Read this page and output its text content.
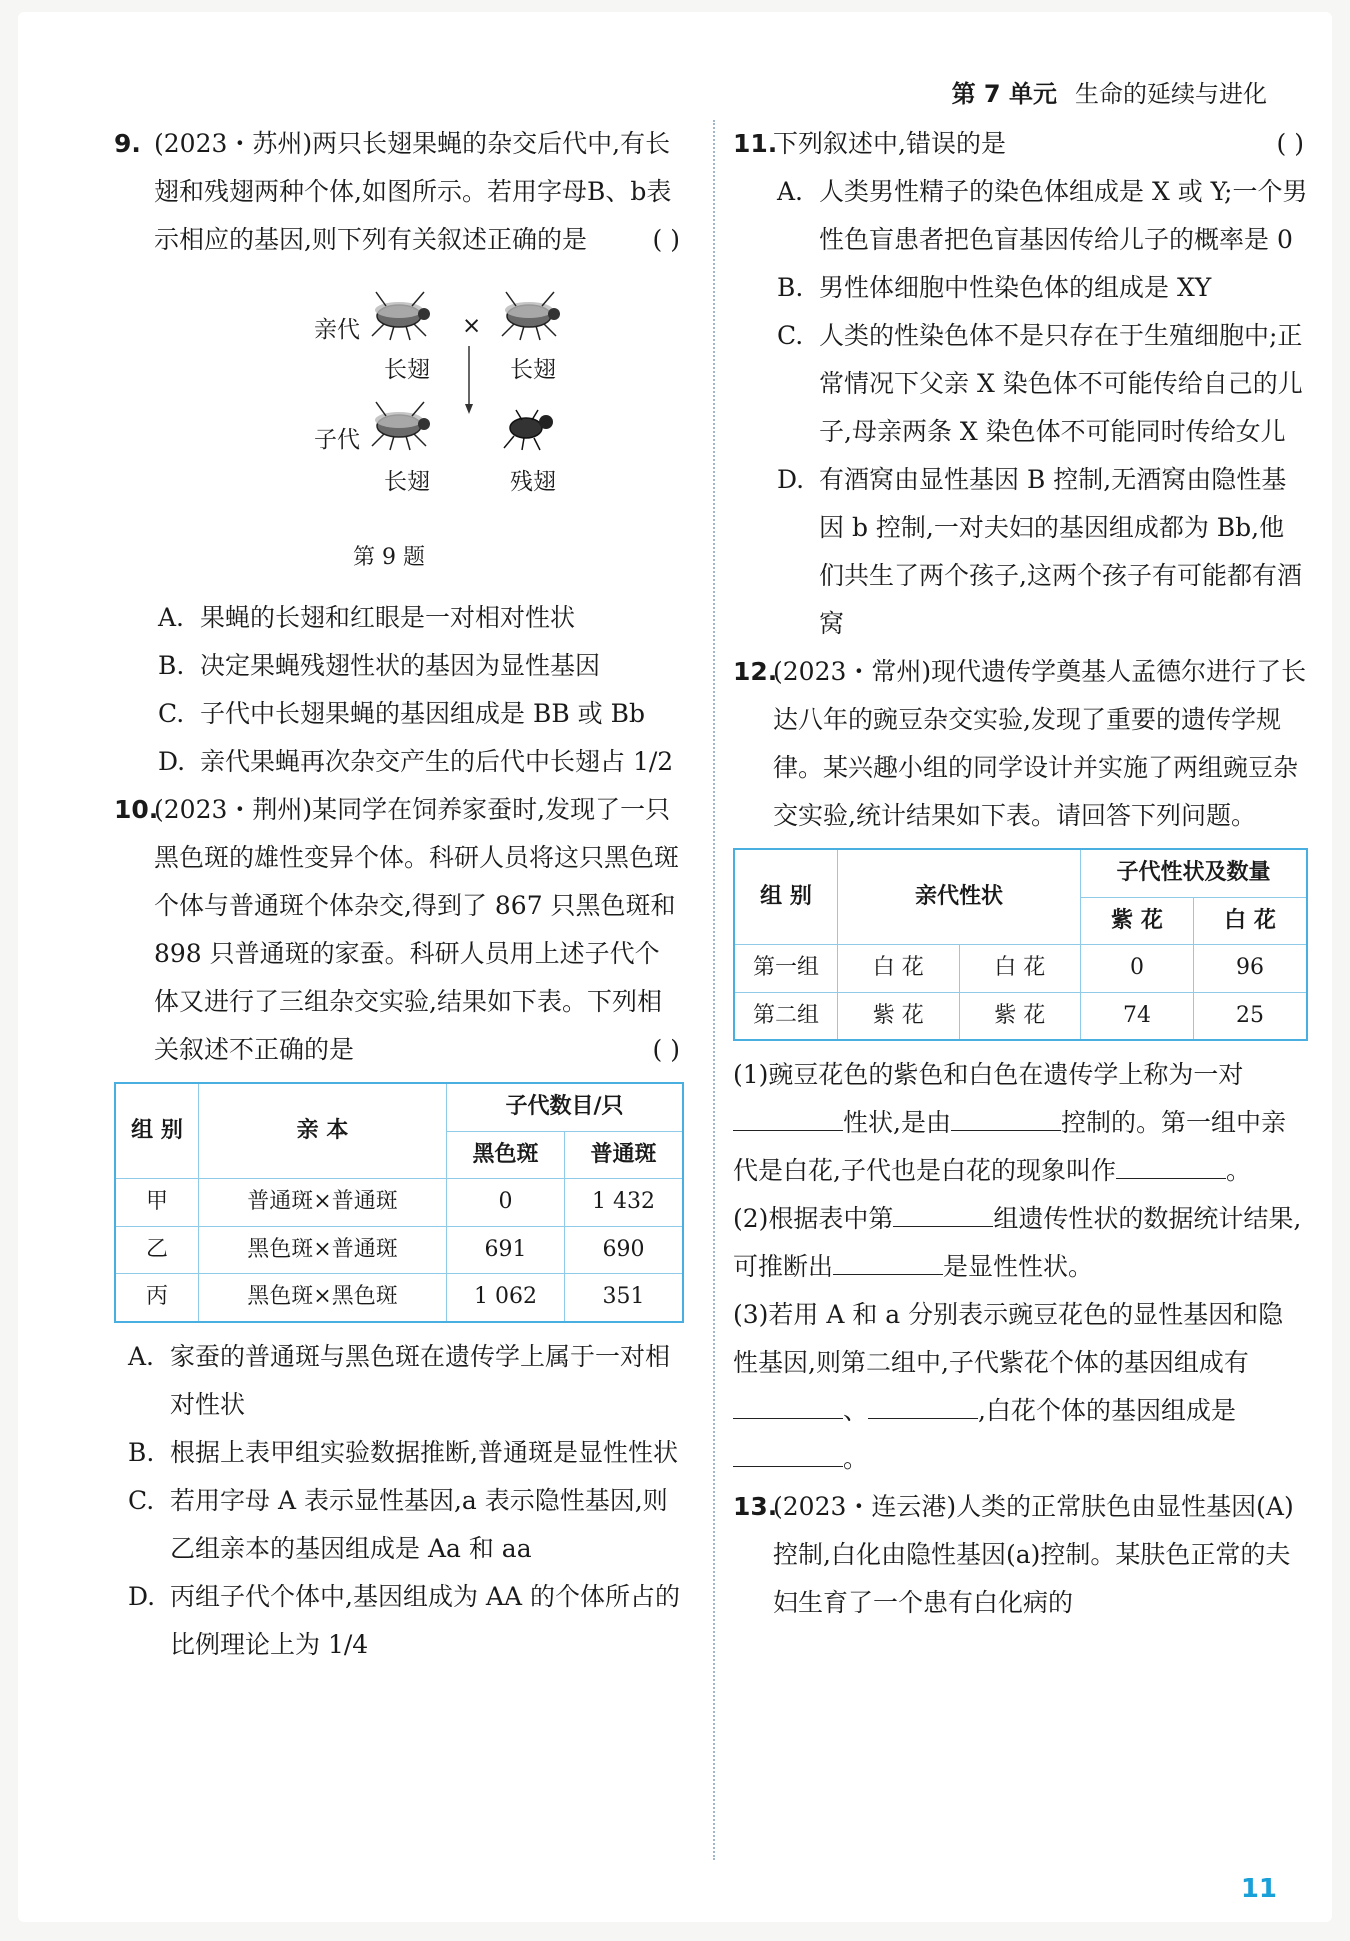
第 7 单元 生命的延续与进化
9. (2023・苏州)两只长翅果蝇的杂交后代中,有长翅和残翅两种个体,如图所示。若用字母B、b表示相应的基因,则下列有关叙述正确的是	( )
亲代	×
长翅	长翅
子代
长翅	残翅
第 9 题
A. 果蝇的长翅和红眼是一对相对性状
B. 决定果蝇残翅性状的基因为显性基因
C. 子代中长翅果蝇的基因组成是 BB 或 Bb
D. 亲代果蝇再次杂交产生的后代中长翅占 1/2
10.
(2023・荆州)某同学在饲养家蚕时,发现了一只黑色斑的雄性变异个体。科研人员将这只黑色斑个体与普通斑个体杂交,得到了 867 只黑色斑和 898 只普通斑的家蚕。科研人员用上述子代个体又进行了三组杂交实验,结果如下表。下列相关叙述不正确的是	( )
组 别	亲 本	子代数目/只	
		黑色斑	普通斑
甲	普通斑×普通斑	0	1 432
乙	黑色斑×普通斑	691	690
丙	黑色斑×黑色斑	1 062	351
A. 家蚕的普通斑与黑色斑在遗传学上属于一对相对性状
B. 根据上表甲组实验数据推断,普通斑是显性性状
C. 若用字母 A 表示显性基因,a 表示隐性基因,则乙组亲本的基因组成是 Aa 和 aa
D. 丙组子代个体中,基因组成为 AA 的个体所占的比例理论上为 1/4
11.
下列叙述中,错误的是	( )
A. 人类男性精子的染色体组成是 X 或 Y;一个男性色盲患者把色盲基因传给儿子的概率是 0
B. 男性体细胞中性染色体的组成是 XY
C. 人类的性染色体不是只存在于生殖细胞中;正常情况下父亲 X 染色体不可能传给自己的儿子,母亲两条 X 染色体不可能同时传给女儿
D. 有酒窝由显性基因 B 控制,无酒窝由隐性基因 b 控制,一对夫妇的基因组成都为 Bb,他们共生了两个孩子,这两个孩子有可能都有酒窝
12.
(2023・常州)现代遗传学奠基人孟德尔进行了长达八年的豌豆杂交实验,发现了重要的遗传学规律。某兴趣小组的同学设计并实施了两组豌豆杂交实验,统计结果如下表。请回答下列问题。
组 别	亲代性状		子代性状及数量	
			紫 花	白 花
第一组	白 花	白 花	0	96
第二组	紫 花	紫 花	74	25

(1)豌豆花色的紫色和白色在遗传学上称为一对性状,是由	控制的。第一组中亲代是白花,子代也是白花的现象叫作	。

(2)根据表中第	组遗传性状的数据统计结果,可推断出	是显性性状。

(3)若用 A 和 a 分别表示豌豆花色的显性基因和隐性基因,则第二组中,子代紫花个体的基因组成有、	,白花个体的基因组成是。

13.
(2023・连云港)人类的正常肤色由显性基因(A)控制,白化由隐性基因(a)控制。某肤色正常的夫妇生育了一个患有白化病的
11
